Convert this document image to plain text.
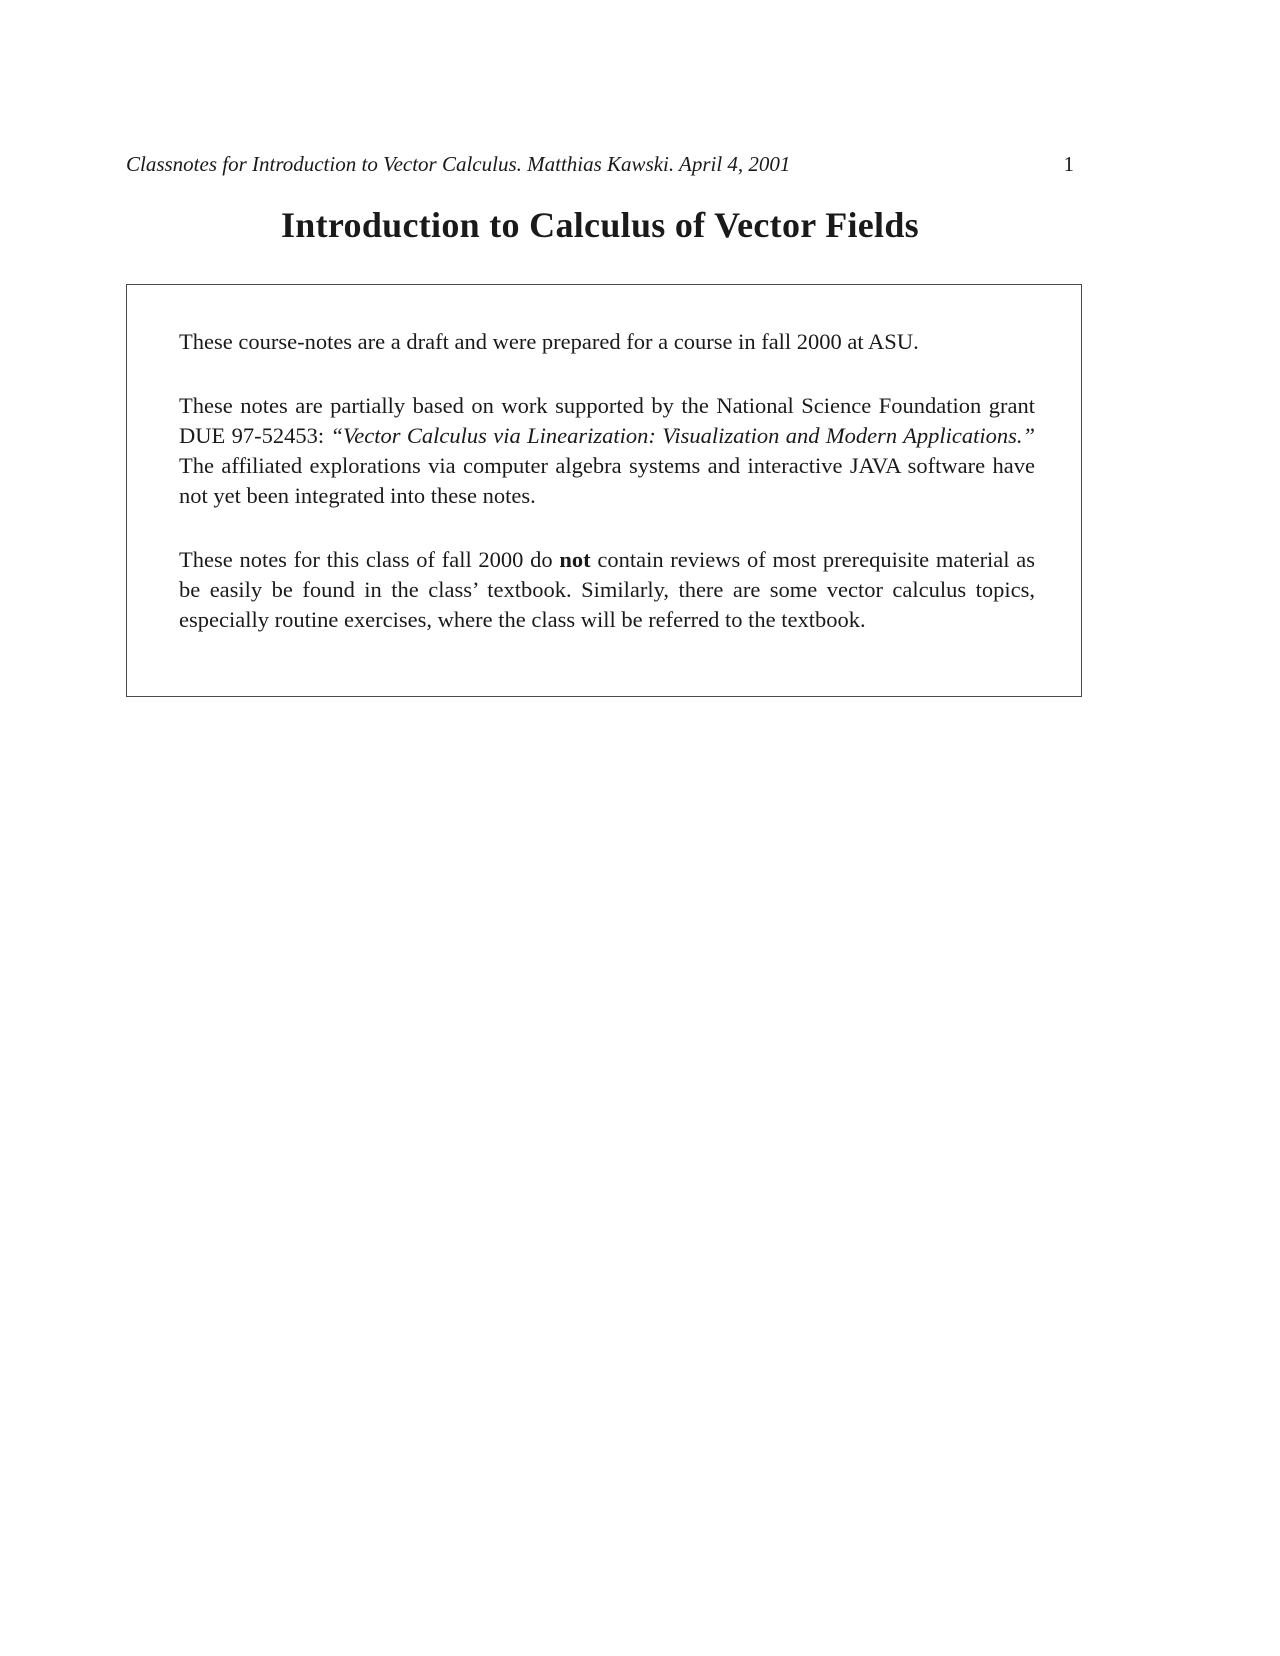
Classnotes for Introduction to Vector Calculus. Matthias Kawski. April 4, 2001	1
Introduction to Calculus of Vector Fields

These course-notes are a draft and were prepared for a course in fall 2000 at ASU.

These notes are partially based on work supported by the National Science Foundation grant DUE 97-52453: “Vector Calculus via Linearization: Visualization and Modern Applications.” The affiliated explorations via computer algebra systems and interactive JAVA software have not yet been integrated into these notes.

These notes for this class of fall 2000 do not contain reviews of most prerequisite material as be easily be found in the class’ textbook. Similarly, there are some vector calculus topics, especially routine exercises, where the class will be referred to the textbook.
